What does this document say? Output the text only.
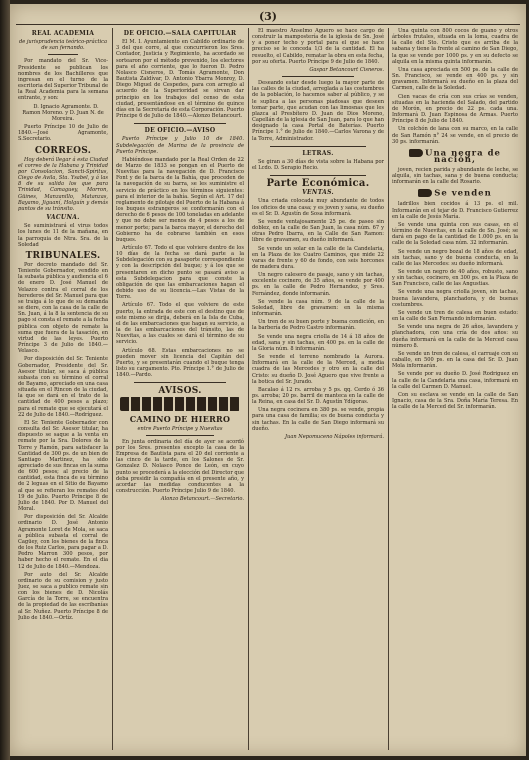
(3)
REAL ACADEMIA
de jurisprudencia teórico-práctica de san fernando.

Por mandato del Sr. Vice-Presidente se publican los nombres de los Bachilleres que ingresan en el turno de la escritoria del Superior Tribunal de la Real Academia para la semana entrante, y son:

D. Ignacio Agramonte. D. Ramon Moreno. y D. Juan N. de Moreira.

Puerto Príncipe 10 de Julio de 1840.—José Agramonte, S.Secretario.

CORREOS.

Hoy deberá llegar á esta Ciudad el correo de la Habana y Trinidad por Consolacion, Sancti-Spíritus, Ciego de Avila, Sta. Ysabel, y á las 8 de su salida los que para Trinidad, Camaguey, Morron, Güines, Manzanillo, Matanzas, Bayamo, Jiguaní, Holguín y demás puntos de su tránsito.

VACUNA.

Se suministrará el virus todos los lunes de 11 de la mañana, en la parroquia de Ntra. Sra. de la Soledad

TRIBUNALES.

Por decreto mandado del Sr. Teniente Gobernador, vendido en la subasta pública y audiencia el 6 de enero D. José Manuel de Velazco contra el corral de los herederos del Sr. Manuel para que se traiga á lo que de su demanda se diere, con la casa de la calle de Sn. Juan, á la 8 la sentencia de su pago si consta el remate a la fecha pública con objeto de remate la suma que fuera de la tasación, en virtud de las leyes. Puerto Príncipe 3 de Julio de 1840.—Velasco.

Por disposición del Sr. Teniente Gobernador, Presidente del Sr. Asesor titular, se saca á pública subasta con su término el corral de Bayamo, apreciado en una casa situada en el Rincon de la ciudad, la que se dará en el trato de la cantidad de 400 pesos a plazo; para el remate que se ejecutará el 22 de Julio de 1840.—Rodríguez.

El Sr. Teniente Gobernador con consulta del Sr. Asesor titular, ha dispuesto se saque a la venta en remate por la Sra. Dolores de la Torre y Ramón, para satisfacer la Cantidad de 300 ps. de un bien de Santiago Martinez, ha sido apreciado de sus fincas en la suma de 600 pesos; al precio de la cantidad, esta finca de su término de 2 leguas en el Sitio de Bayamo al que se refieran los remates del 19 de Julio. Puerto Príncipe 8 de Julio de 1840. Por D. Manuel del Moral.

Por disposición del Sr. Alcalde ordinario D. José Antonio Agramonte Loret de Mola, se saca a pública subasta el corral de Cagüey, con los bienes de la finca de los Ruiz Carlos, para pagar a D. Pedro Marron 300 pesos, por haber hecho el remate. En el dia 12 de Julio de 1840.—Mendoza.

Por auto del Sr. Alcalde ordinario de su comision y justo Juez, se saca a publico remate sin con los bienes de D. Nicolás García de la Torre, se encuentra de la propiedad de las escribanías al Sr. Nuñez. Puerto Príncipe 8 de Julio de 1840.—Ortíz.

DE OFICIO.—SALA CAPITULAR

El M. I. Ayuntamiento en Cabildo ordinario de 3 del que corre, al que concurrieron los Sres. Contador, Justicia y Regimiento, ha acordado se sortearon por el método prevenido, los electores para el año corriente, que lo fueron D. Pedro Nolasco Cisneros, D. Tomás Agramonte, Don Bautista Zaldívar, D. Antonio Ybarra Monroy, D. Diego Miguel de Cespedes, para con arreglo al acuerdo de la Superioridad se sirvan dar principio en los trabajos del censo de esta ciudad, presentándose en el término de quince días en la Secretaría de esta Corporación. Puerto Príncipe 6 de Julio de 1840.—Alonzo Betancourt.

DE OFICIO.—AVISO

Puerto Príncipe y Julio 10 de 1840. Subdelegación de Marina de la provincia de Puerto Príncipe.

Habiéndose mandado por la Real Orden de 22 de Marzo de 1833 se pongan en el Puerto de Nuevitas para la navegación de D. Francisco Font y de la barca de la Bahía, que proceden de la navegación de su barra, se les suministre el servicio de práctico en los términos siguientes: para el interior de la bahía. Según el Art. 17 del reglamento de pilotaje del Puerto de la Habana á los buques estrangeros se conformarán con el derecho de 6 pesos de 100 toneladas en adelante y que no debe ser menos de 4 pesos a los de menor porte; para la barca mayor, el derecho del Gobierno ha de cobrarse también en esos buques.

Artículo 67. Todo el que volviere dentro de los 10 días de la fecha se dará parte a la Subdelegación con su pasaporte correspondiente y con la descripción del buque; y á los que se presentaren en dicho punto se pasará aviso a esta Subdelegacion para que conste la obligación de que las embarcaciones hagan el debido uso de su licencia.—Las Vistas de la Torre.

Artículo 67. Todo el que volviere de este puerto, la entrada de este con el destino que de este mismo se dirija, deberá en la Isla de Cuba, el de las embarcaciones que hagan su servicio, a la de las embarcaciones del tránsito, las de Nuevitas, a las cuales se dará el término de su servicio.

Artículo 68. Estas embarcaciones no se pueden mover sin licencia del Capitán del Puerto, y se presentarán cuando el buque tenga listo su cargamento. Pto. Príncipe 1.° de Julio de 1840.—Pardo.

AVISOS.
CAMINO DE HIERRO
entre Puerto Príncipe y Nuevitas

En junta ordinaria del día de ayer se acordó por los Sres. presentes excepto la casa de la Empresa de Bautista para el 20 del corriente a las cinco de la tarde, en los Salones de Sr. Gonzalez D. Nolasco Ponce de León, en cuyo punto se procederá a la elección del Director que deba presidir la compañía en el presente año, y acordar las medidas conducentes a la construcción. Puerto Príncipe Julio 9 de 1840.

Alonzo Betancourt.—Secretario.

El maestro Anselmo Aguero se hace cargo de construir la mampostería de la iglesia de Sn. José y a poner techo y portal para el que se hace preciso se le conceda 1/3 de la cantidad. El ha resuelto, el Cabildo, rematar la obra en esta fecha, por su oferta. Puerto Príncipe 9 de Julio de 1840.

Gaspar Betancourt Cisneros.

Deseando estar desde luego la mayor parte de las calles de la ciudad, arreglada a las costumbres de la población, lo hacemos saber al público, y se le suplica a las personas piadosas que deseen tomar parte, que acudan con las limosnas que les plazca al Presbítero D. Juan de Dios Moreno, Capellán de la iglesia de San Juan, para lo que han designado la casa Portal de Baterías. Puerto Príncipe 1.° de Julio de 1840.—Carlos Varona y de la Torre, Administrador.

LETRAS.

Se giran a 30 días de vista sobre la Habana por el Lcdo. D. Serapio Recio.

Parte Económica.
VENTAS.

Una criada colocada muy abundante de todos los oficios de una casa; y es joven y sana, su dueño es el Sr. D. Agustín de Sosa informará.

Se vende ventajosamente 25 pe. de paseo sin doblez, en la calle de San Juan, la casa núm. 67 y otras Pedro Ibarra, en la Calle de San Ramon: libre de gravamen, su dueño informará.

Se vende un solar en la calle de la Candelaria, en la Plaza de los Cuatro Caminos, que mide 22 varas de frente y 60 de fondo, con seis horcones de madera dura.

Un negro calesero de pasaje, sano y sin tachas, excelente cocinero, de 35 años, se vende por 400 ps. en la calle de Pedro Hernandez, y Sres. Fernández, donde informarán.

Se vende la casa núm. 9 de la calle de la Soledad, libre de gravamen: en la misma informarán.

Un tren de su buen porte y buena condición, en la barbería de Pedro Castro informarán.

Se vende una negra criolla de 14 á 18 años de edad, sana y sin tachas, en 400 ps. en la calle de la Gloria núm. 8 informarán.

Se vende el terreno nombrado la Aurora. Informará en la calle de la Merced, a media cuadra de las Mercedes y otro en la calle del Cristo: su dueño D. José Aguero que vive frente a la botica del Sr. Jurado.

Bacalao á 12 rs. arroba y 5 ps. qq. Cerdo ó 36 ps. arroba; 20 ps. barril de manteca en la calle de la Reina, en casa del Sr. D. Agustín Ydígoras.

Una negra cocinera en 380 ps. se vende, propia para una casa de familia; es de buena conducta y sin tachas. En la calle de San Diego informará su dueño.

Juan Nepomuceno Nápoles informará.

Una quinta con 800 cocos de guano y otros árboles frutales, situada en la loma, cuadra de la calle del Sto. Cristo que es arriba de la sabana y tiene la frente al camino de San Diego, la que se vende por 1000 ps. y en su defecto se alquila en la misma quinta informarán.

Una casa apreciada en 500 ps. de la calle de Sn. Francisco, se vende en 400 ps. y sin gravamen. Informará su dueño en la plaza del Carmen, calle de la Soledad.

Cien vacas de cría con sus crías se venden, situadas en la hacienda del Salado, del partido de Morón, en precio de 22 ps. cada una. Informará D. Juan Espinosa de Armas. Puerto Príncipe 8 de Julio de 1840.

Un colchón de lana con su marco, en la calle de San Ramón n° 24 se vende, en el precio de 30 ps. informarán.

Una negra de nación,

joven, recien parida y abundante de leche, se alquila, sin tachas, sana y de buena conducta; informarán en la calle del Rosario.

Se venden

ladrillos bien cocidos á 13 ps. el mil. Informarán en el tejar de D. Francisco Gutierrez en la calle de Jesús María.

Se vende una quinta con sus casas, en el término de Nuevitas, en la calle de Sn. José; se dará en pago de la cantidad de 1.000 ps. en la calle de la Soledad casa núm. 32 informarán.

Se vende un negro bozal de 18 años de edad, sin tachas, sano y de buena conducta, en la calle de las Mercedes: su dueño informará.

Se vende un negro de 40 años, robusto, sano y sin tachas, cocinero, en 300 ps. en la Plaza de San Francisco, calle de las Angustias.

Se vende una negra criolla joven, sin tachas, buena lavandera, planchadora, y de buenas costumbres.

Se vende un tren de calesa en buen estado: en la calle de San Fernando informarán.

Se vende una negra de 26 años, lavandera y planchadora, con una cría de dos años: su dueña informará en la calle de la Merced casa número 8.

Se vende un tren de calesa, el carruaje con su caballo, en 500 ps. en la casa del Sr. D. Juan Mola informarán.

Se vende por su dueño D. José Rodriguez en la calle de la Candelaria una casa, informará en la calle del Carmen D. Manuel.

Con su esclava se vende en la calle de San Ignacio, casa de la Sra. Doña María Teresa. En la calle de la Merced del Sr. informarán.
